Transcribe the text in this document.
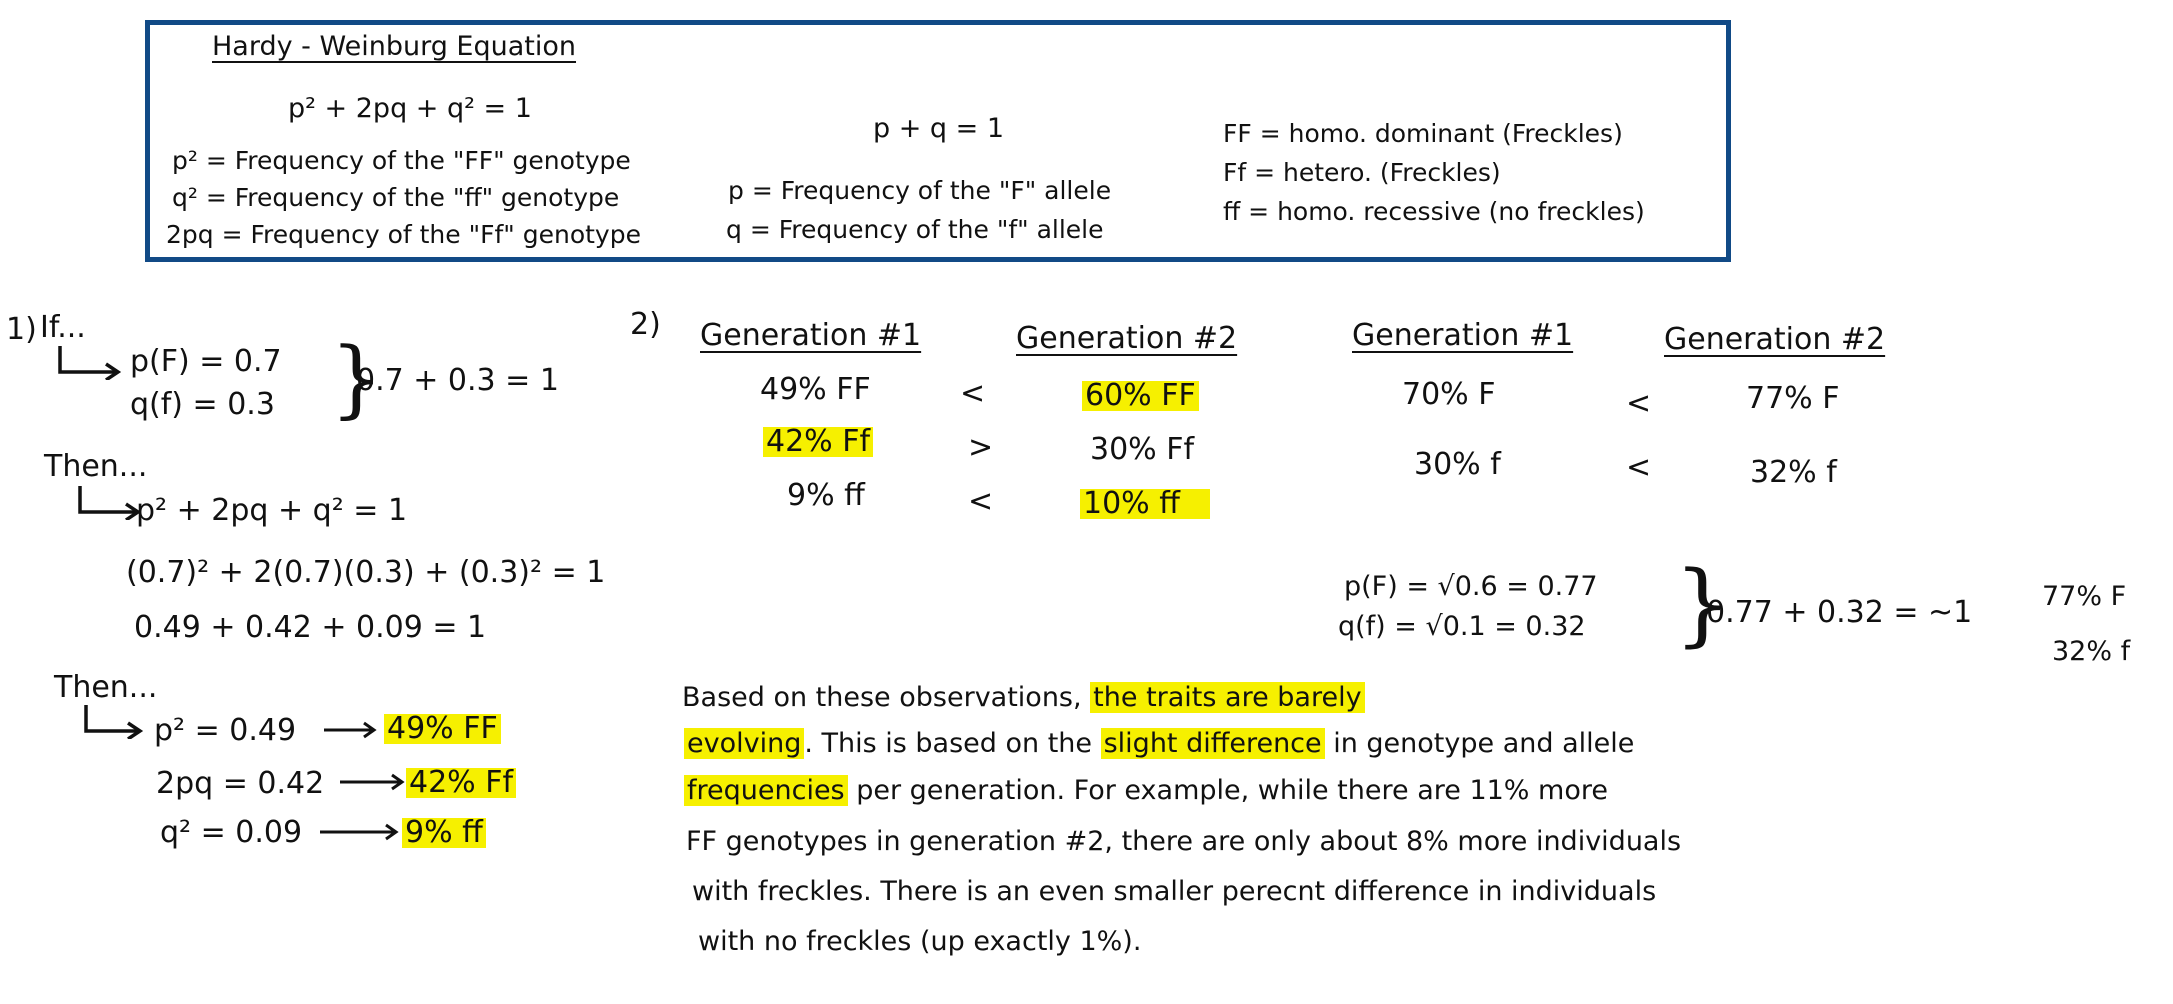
Hardy - Weinburg Equation
p² + 2pq + q² = 1
p² = Frequency of the "FF" genotype
q² = Frequency of the "ff" genotype
2pq = Frequency of the "Ff" genotype
p + q = 1
p = Frequency of the "F" allele
q = Frequency of the "f" allele
FF = homo. dominant (Freckles)
Ff = hetero. (Freckles)
ff = homo. recessive (no freckles)
1) If...
p(F) = 0.7
q(f) = 0.3 }
0.7 + 0.3 = 1
Then...
p² + 2pq + q² = 1
(0.7)² + 2(0.7)(0.3) + (0.3)² = 1
0.49 + 0.42 + 0.09 = 1
Then...
p² = 0.49	49% FF
2pq = 0.42	42% Ff
q² = 0.09	9% ff
2) Generation #1	Generation #2
49% FF	<	60% FF
42% Ff	>	30% Ff
9% ff	<	10% ff
Generation #1	Generation #2
70% F	<	77% F
30% f	<	32% f
p(F) = √0.6 = 0.77
q(f) = √0.1 = 0.32 }
0.77 + 0.32 = ~1	77% F
32% f
Based on these observations, the traits are barely
evolving . This is based on the slight difference in genotype and allele
frequencies per generation. For example, while there are 11% more
FF genotypes in generation #2, there are only about 8% more individuals
with freckles. There is an even smaller perecnt difference in individuals
with no freckles (up exactly 1%).
